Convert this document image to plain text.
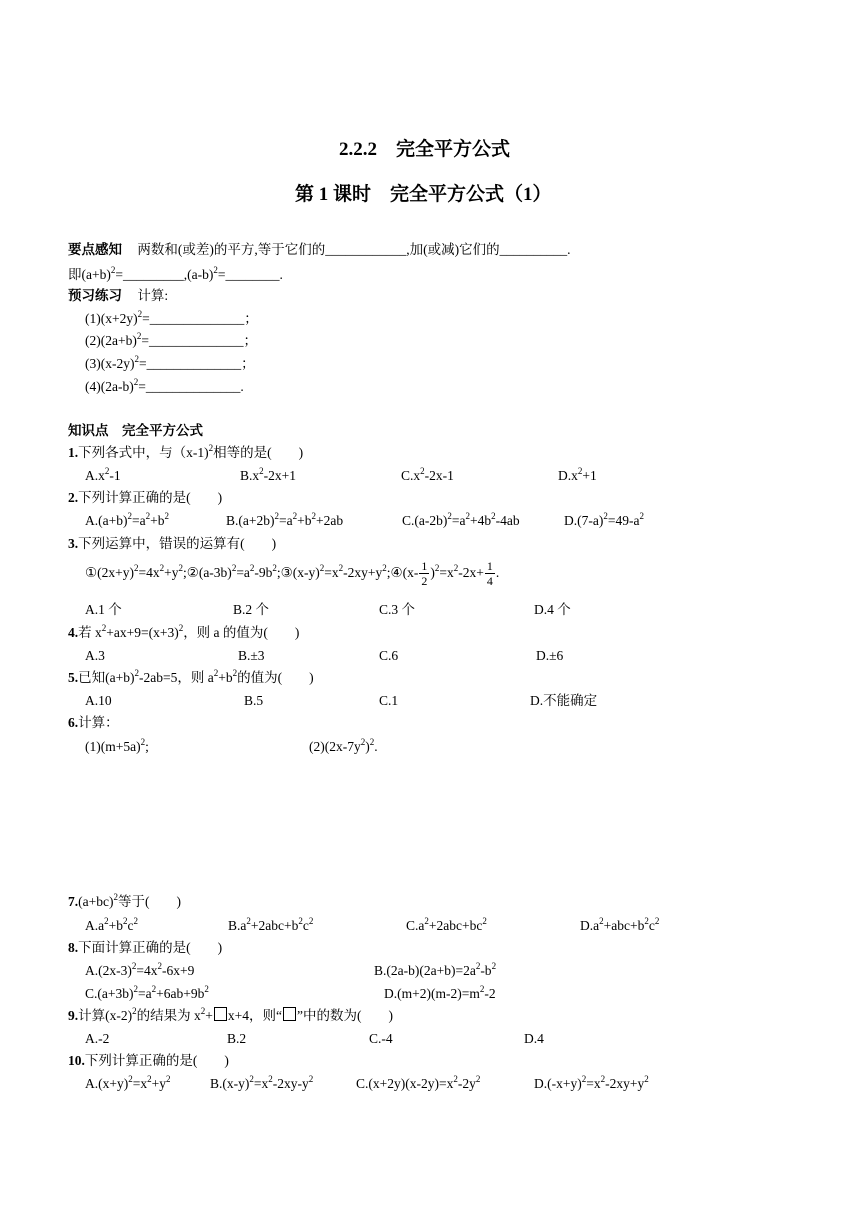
2.2.2　完全平方公式
第 1 课时　完全平方公式（1）
要点感知 两数和(或差)的平方,等于它们的____________,加(或减)它们的__________.
即$(a+b)^2=\_\_\_\_\_\_\_\_\_,(a-b)^2=\_\_\_\_\_\_\_\_$.
预习练习 计算:
$(1)(x+2y)^2=\_\_\_\_\_\_\_\_\_\_\_\_\_\_$；
$(2)(2a+b)^2=\_\_\_\_\_\_\_\_\_\_\_\_\_\_$；
$(3)(x-2y)^2=\_\_\_\_\_\_\_\_\_\_\_\_\_\_$；
$(4)(2a-b)^2=\_\_\_\_\_\_\_\_\_\_\_\_\_\_$.
知识点　完全平方公式
1.下列各式中，与（x-1)$^2$相等的是(　　)
$A.x^2-1$	$B.x^2-2x+1$	$C.x^2-2x-1$	$D.x^2+1$
2.下列计算正确的是(　　)
$A.(a+b)^2=a^2+b^2$	$B.(a+2b)^2=a^2+b^2+2ab$	$C.(a-2b)^2=a^2+4b^2-4ab$	$D.(7-a)^2=49-a^2$
3.下列运算中，错误的运算有(　　)
$①(2x+y)^2=4x^2+y^2;②(a-3b)^2=a^2-9b^2;③(x-y)^2=x^2-2xy+y^2;④(x- \frac{1}{2} )^2=x^2-2x+ \frac{1}{4}$ .
A.1 个	B.2 个	C.3 个	D.4 个
4.若 $x^2+ax+9=(x+3)^2$，则 a 的值为(　　)
A.3	B.±3	C.6	D.±6
5.已知$(a+b)^2-2ab=5$，则 $a^2+b^2$的值为(　　)
A.10	B.5	C.1	D.不能确定
6.计算：
$(1)(m+5a)^2$;	$(2)(2x-7y^2)^2$.
$7.(a+bc)^2$等于(　　)
$A.a^2+b^2c^2$	$B.a^2+2abc+b^2c^2$	$C.a^2+2abc+bc^2$	$D.a^2+abc+b^2c^2$
8.下面计算正确的是(　　)
$A.(2x-3)^2=4x^2-6x+9$	$B.(2a-b)(2a+b)=2a^2-b^2$
$C.(a+3b)^2=a^2+6ab+9b^2$	$D.(m+2)(m-2)=m^2-2$
9.计算$(x-2)^2$的结果为 $x^2+ x+4$，则“ ”中的数为(　　)
A.-2	B.2	C.-4	D.4
10.下列计算正确的是(　　)
$A.(x+y)^2=x^2+y^2$	$B.(x-y)^2=x^2-2xy-y^2$	$C.(x+2y)(x-2y)=x^2-2y^2$	$D.(-x+y)^2=x^2-2xy+y^2$
